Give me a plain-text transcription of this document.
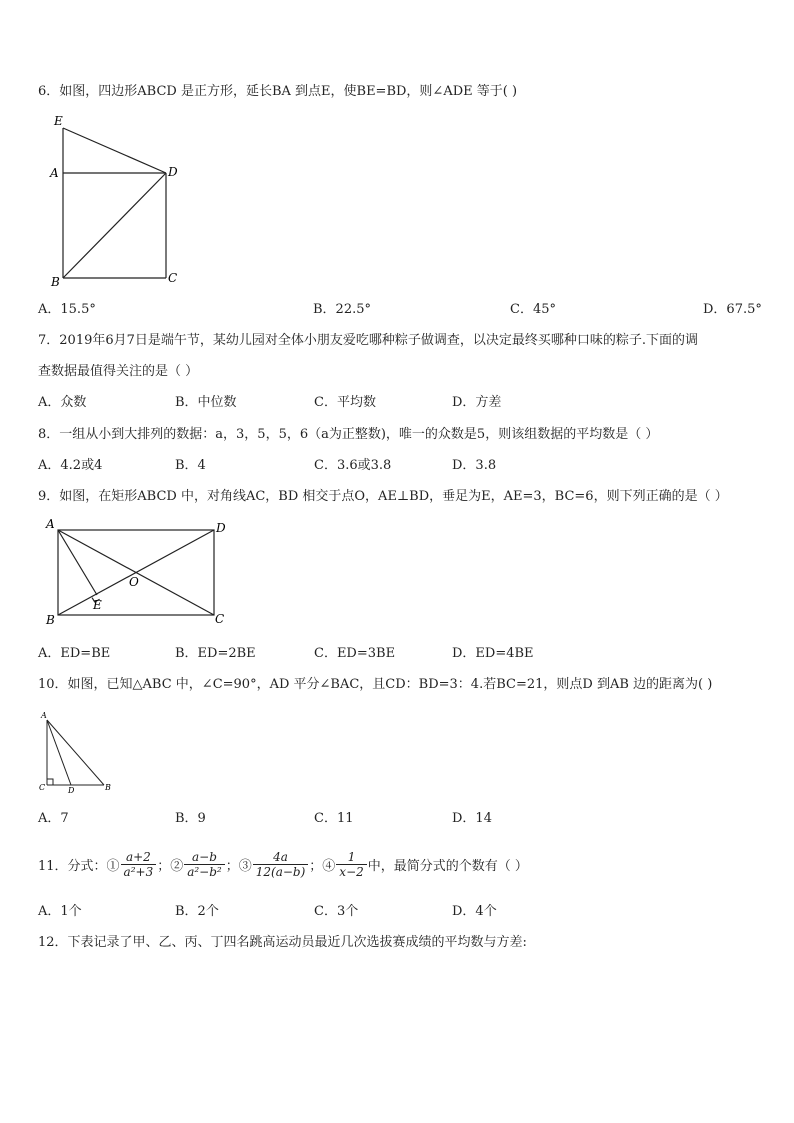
6．如图，四边形ABCD 是正方形，延长BA 到点E，使BE=BD，则∠ADE 等于( )
E
A	D
B	C
A．15.5°	B．22.5°	C．45°	D．67.5°
7．2019年6月7日是端午节，某幼儿园对全体小朋友爱吃哪种粽子做调查，以决定最终买哪种口味的粽子.下面的调
查数据最值得关注的是（ ）
A．众数	B．中位数	C．平均数	D．方差
8．一组从小到大排列的数据：a，3，5，5，6（a为正整数)，唯一的众数是5，则该组数据的平均数是（ ）
A．4.2或4	B．4	C．3.6或3.8	D．3.8
9．如图，在矩形ABCD 中，对角线AC，BD 相交于点O，AE⊥BD，垂足为E，AE=3，BC=6，则下列正确的是（ ）
A	D
O
E
B	C
A．ED=BE	B．ED=2BE	C．ED=3BE	D．ED=4BE
10．如图，已知△ABC 中，∠C=90°，AD 平分∠BAC，且CD：BD=3：4.若BC=21，则点D 到AB 边的距离为( )
A
C	D	B
A．7	B．9	C．11	D．14
11．分式：① $\frac{a+2}{\text{a²+3}}$ ；② $\frac{a-b}{\text{a²−b²}}$ ；③ $\frac{4a}{12(a-b)}$ ；④ $\frac{1}{x-2}$ 中，最简分式的个数有（ ）
A．1个	B．2个	C．3个	D．4个
12．下表记录了甲、乙、丙、丁四名跳高运动员最近几次选拔赛成绩的平均数与方差:
